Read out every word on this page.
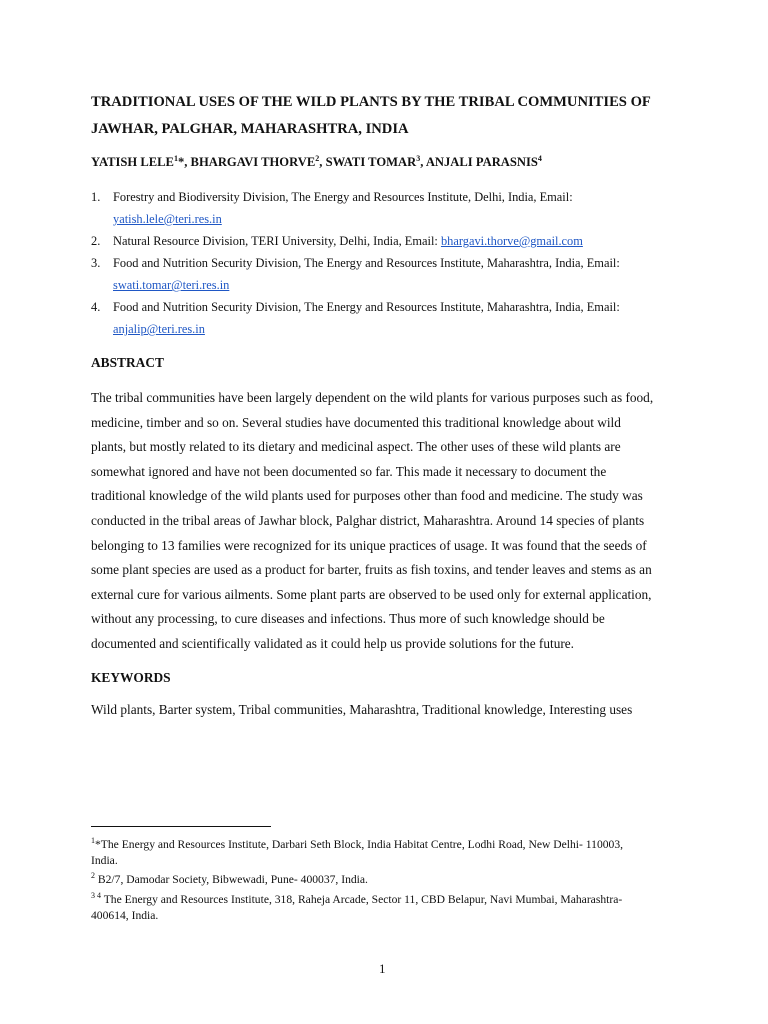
TRADITIONAL USES OF THE WILD PLANTS BY THE TRIBAL COMMUNITIES OF
JAWHAR, PALGHAR, MAHARASHTRA, INDIA

YATISH LELE$^1$*, BHARGAVI THORVE$^2$, SWATI TOMAR$^3$, ANJALI PARASNIS$^4$

1. Forestry and Biodiversity Division, The Energy and Resources Institute, Delhi, India, Email:
yatish.lele@teri.res.in
2. Natural Resource Division, TERI University, Delhi, India, Email: bhargavi.thorve@gmail.com
3. Food and Nutrition Security Division, The Energy and Resources Institute, Maharashtra, India, Email:
swati.tomar@teri.res.in
4. Food and Nutrition Security Division, The Energy and Resources Institute, Maharashtra, India, Email:
anjalip@teri.res.in
ABSTRACT

The tribal communities have been largely dependent on the wild plants for various purposes such as food,
medicine, timber and so on. Several studies have documented this traditional knowledge about wild
plants, but mostly related to its dietary and medicinal aspect. The other uses of these wild plants are
somewhat ignored and have not been documented so far. This made it necessary to document the
traditional knowledge of the wild plants used for purposes other than food and medicine. The study was
conducted in the tribal areas of Jawhar block, Palghar district, Maharashtra. Around 14 species of plants
belonging to 13 families were recognized for its unique practices of usage. It was found that the seeds of
some plant species are used as a product for barter, fruits as fish toxins, and tender leaves and stems as an
external cure for various ailments. Some plant parts are observed to be used only for external application,
without any processing, to cure diseases and infections. Thus more of such knowledge should be
documented and scientifically validated as it could help us provide solutions for the future.

KEYWORDS

Wild plants, Barter system, Tribal communities, Maharashtra, Traditional knowledge, Interesting uses

$^1$*The Energy and Resources Institute, Darbari Seth Block, India Habitat Centre, Lodhi Road, New Delhi- 110003,
India.
$^2$ B2/7, Damodar Society, Bibwewadi, Pune- 400037, India.
$^{3 4}$ The Energy and Resources Institute, 318, Raheja Arcade, Sector 11, CBD Belapur, Navi Mumbai, Maharashtra-
400614, India.
1
